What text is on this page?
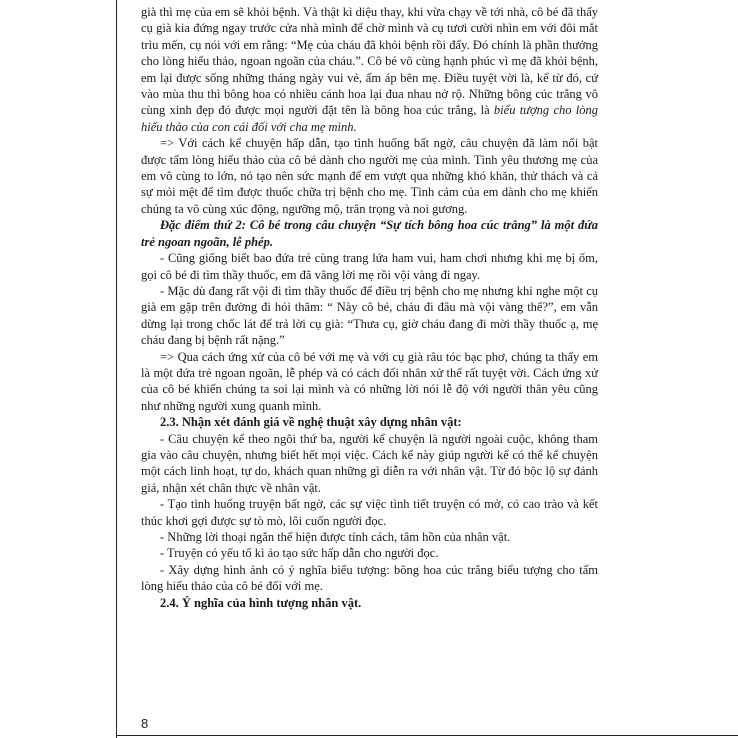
già thì mẹ của em sẽ khỏi bệnh. Và thật kì diệu thay, khi vừa chạy về tới nhà, cô bé đã thấy cụ già kia đứng ngay trước cửa nhà mình để chờ mình và cụ tươi cười nhìn em với đôi mắt trìu mến, cụ nói với em rằng: “Mẹ của cháu đã khỏi bệnh rồi đấy. Đó chính là phần thưởng cho lòng hiếu thảo, ngoan ngoãn của cháu.”. Cô bé vô cùng hạnh phúc vì mẹ đã khỏi bệnh, em lại được sống những tháng ngày vui vẻ, ấm áp bên mẹ. Điều tuyệt vời là, kể từ đó, cứ vào mùa thu thì bông hoa có nhiều cánh hoa lại đua nhau nở rộ. Những bông cúc trắng vô cùng xinh đẹp đó được mọi người đặt tên là bông hoa cúc trắng, là biểu tượng cho lòng hiếu thảo của con cái đối với cha mẹ mình.

=> Với cách kể chuyện hấp dẫn, tạo tình huống bất ngờ, câu chuyện đã làm nổi bật được tấm lòng hiếu thảo của cô bé dành cho người mẹ của mình. Tình yêu thương mẹ của em vô cùng to lớn, nó tạo nên sức mạnh để em vượt qua những khó khăn, thử thách và cả sự mỏi mệt để tìm được thuốc chữa trị bệnh cho mẹ. Tình cảm của em dành cho mẹ khiến chúng ta vô cùng xúc động, ngưỡng mộ, trân trọng và noi gương.

Đặc điểm thứ 2: Cô bé trong câu chuyện “Sự tích bông hoa cúc trắng” là một đứa trẻ ngoan ngoãn, lễ phép.

- Cũng giống biết bao đứa trẻ cùng trang lứa ham vui, ham chơi nhưng khi mẹ bị ốm, gọi cô bé đi tìm thầy thuốc, em đã vâng lời mẹ rồi vội vàng đi ngay.

- Mặc dù đang rất vội đi tìm thầy thuốc để điều trị bệnh cho mẹ nhưng khi nghe một cụ già em gặp trên đường đi hỏi thăm: “ Này cô bé, cháu đi đâu mà vội vàng thế?”, em vẫn dừng lại trong chốc lát để trả lời cụ già: “Thưa cụ, giờ cháu đang đi mời thầy thuốc ạ, mẹ cháu đang bị bệnh rất nặng.”

=> Qua cách ứng xử của cô bé với mẹ và với cụ già râu tóc bạc phơ, chúng ta thấy em là một đứa trẻ ngoan ngoãn, lễ phép và có cách đối nhân xử thế rất tuyệt vời. Cách ứng xử của cô bé khiến chúng ta soi lại mình và có những lời nói lễ độ với người thân yêu cũng như những người xung quanh mình.

2.3. Nhận xét đánh giá về nghệ thuật xây dựng nhân vật:

- Câu chuyện kể theo ngôi thứ ba, người kể chuyện là người ngoài cuộc, không tham gia vào câu chuyện, nhưng biết hết mọi việc. Cách kể này giúp người kể có thể kể chuyện một cách linh hoạt, tự do, khách quan những gì diễn ra với nhân vật. Từ đó bộc lộ sự đánh giá, nhận xét chân thực về nhân vật.

- Tạo tình huống truyện bất ngờ, các sự việc tình tiết truyện có mở, có cao trào và kết thúc khơi gợi được sự tò mò, lôi cuốn người đọc.

- Những lời thoại ngắn thể hiện được tính cách, tâm hồn của nhân vật.

- Truyện có yếu tố kì ảo tạo sức hấp dẫn cho người đọc.

- Xây dựng hình ảnh có ý nghĩa biểu tượng: bông hoa cúc trắng biểu tượng cho tấm lòng hiếu thảo của cô bé đối với mẹ.

2.4. Ý nghĩa của hình tượng nhân vật.

8
